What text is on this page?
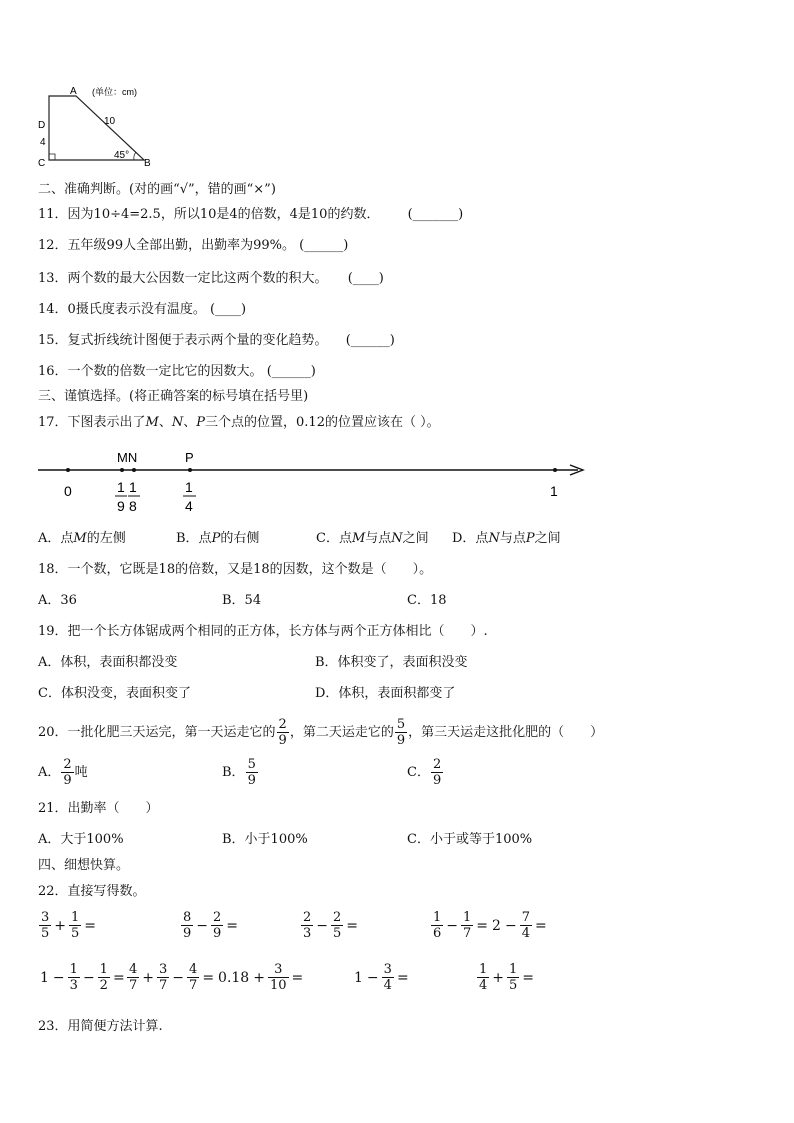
A
D
C	B
10
4
45°
(单位：cm)
二、准确判断。(对的画“√”，错的画“×”)
11．因为10÷4=2.5，所以10是4的倍数，4是10的约数． (_______)
12．五年级99人全部出勤，出勤率为99%。 (______)
13．两个数的最大公因数一定比这两个数的积大。 (____)
14．0摄氏度表示没有温度。 (____)
15．复式折线统计图便于表示两个量的变化趋势。 (______)
16．一个数的倍数一定比它的因数大。 (______)
三、谨慎选择。(将正确答案的标号填在括号里)
17．下图表示出了M、N、P三个点的位置，0.12的位置应该在（ ）。
MN	P
0	1
1
9
1
8
1
4
A．点M的左侧	B．点P的右侧	C．点M与点N之间 D．点N与点P之间
18．一个数，它既是18的倍数，又是18的因数，这个数是（　　）。
A．36	B．54	C．18
19．把一个长方体锯成两个相同的正方体，长方体与两个正方体相比（　　）.
A．体积，表面积都没变	B．体积变了，表面积没变
C．体积没变，表面积变了	D．体积，表面积都变了
20．一批化肥三天运完，第一天运走它的 $\frac{2}{9}$ ，第二天运走它的 $\frac{5}{9}$ ，第三天运走这批化肥的（　　）
A． $\frac{2}{9}$ 吨	B． $\frac{5}{9}$	C． $\frac{2}{9}$
21．出勤率（　　）
A．大于100%	B．小于100%	C．小于或等于100%
四、细想快算。
22．直接写得数。
$\frac{3}{5} + \frac{1}{5}$ =	$\frac{8}{9} - \frac{2}{9}$ =	$\frac{2}{3} - \frac{2}{5}$ =	$\frac{1}{6} - \frac{1}{7} = 2 - \frac{7}{4}$ =
$1 - \frac{1}{3} - \frac{1}{2} = \frac{4}{7} + \frac{3}{7} - \frac{4}{7} = 0.18 + \frac{3}{10}$ =	$1 - \frac{3}{4}$ =	$\frac{1}{4} + \frac{1}{5}$ =
23．用简便方法计算.
